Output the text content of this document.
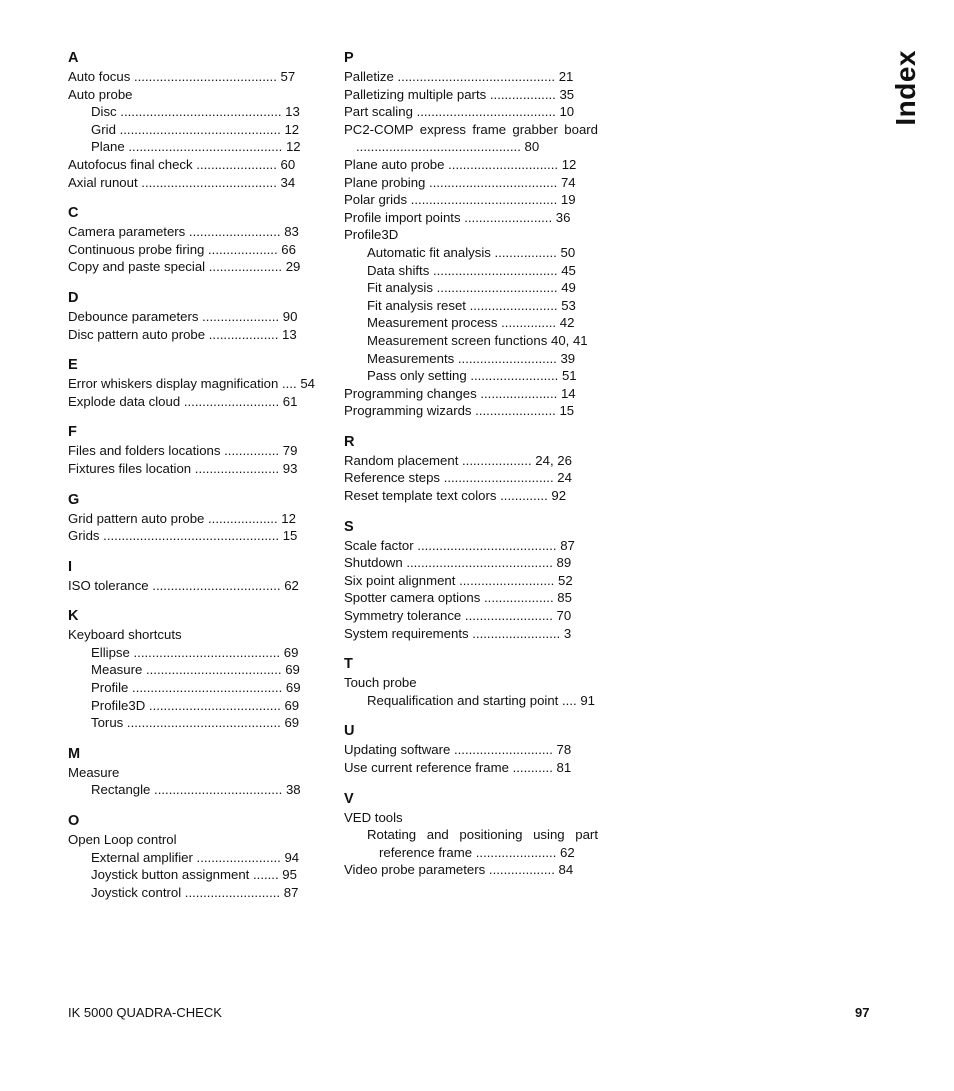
A
Auto focus ....................................... 57
Auto probe
Disc ............................................ 13
Grid ............................................ 12
Plane .......................................... 12
Autofocus final check ...................... 60
Axial runout ..................................... 34
C
Camera parameters ......................... 83
Continuous probe firing ................... 66
Copy and paste special .................... 29
D
Debounce parameters ..................... 90
Disc pattern auto probe ................... 13
E
Error whiskers display magnification .... 54
Explode data cloud .......................... 61
F
Files and folders locations ............... 79
Fixtures files location ....................... 93
G
Grid pattern auto probe ................... 12
Grids ................................................ 15
I
ISO tolerance ................................... 62
K
Keyboard shortcuts
Ellipse ........................................ 69
Measure ..................................... 69
Profile ......................................... 69
Profile3D .................................... 69
Torus .......................................... 69
M
Measure
Rectangle ................................... 38
O
Open Loop control
External amplifier ....................... 94
Joystick button assignment ....... 95
Joystick control .......................... 87
P
Palletize ........................................... 21
Palletizing multiple parts .................. 35
Part scaling ...................................... 10
PC2-COMP express frame grabber board ............................................. 80
Plane auto probe .............................. 12
Plane probing ................................... 74
Polar grids ........................................ 19
Profile import points ........................ 36
Profile3D
Automatic fit analysis ................. 50
Data shifts .................................. 45
Fit analysis ................................. 49
Fit analysis reset ........................ 53
Measurement process ............... 42
Measurement screen functions 40, 41
Measurements ........................... 39
Pass only setting ........................ 51
Programming changes ..................... 14
Programming wizards ...................... 15
R
Random placement ................... 24, 26
Reference steps .............................. 24
Reset template text colors ............. 92
S
Scale factor ...................................... 87
Shutdown ........................................ 89
Six point alignment .......................... 52
Spotter camera options ................... 85
Symmetry tolerance ........................ 70
System requirements ........................ 3
T
Touch probe
Requalification and starting point .... 91
U
Updating software ........................... 78
Use current reference frame ........... 81
V
VED tools
Rotating and positioning using part reference frame ...................... 62
Video probe parameters .................. 84
Index
IK 5000 QUADRA-CHECK	97
